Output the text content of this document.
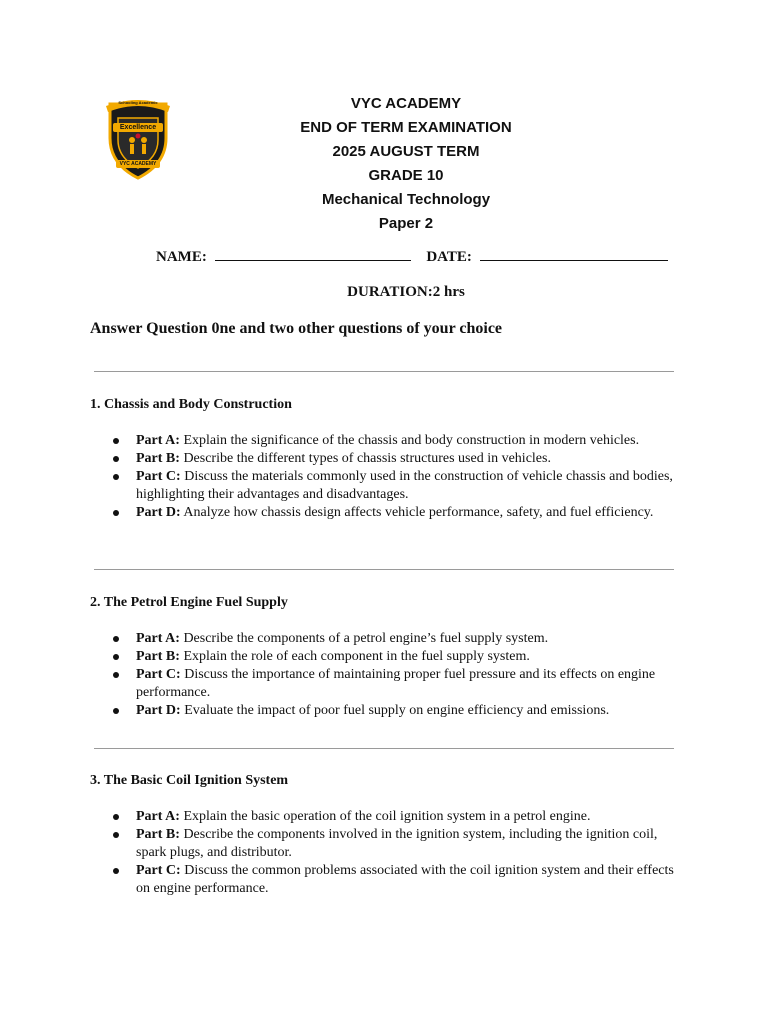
Schooling Academic
Excellence
VYC ACADEMY
VYC ACADEMY
END OF TERM EXAMINATION
2025 AUGUST TERM
GRADE 10
Mechanical Technology
Paper 2
NAME:	DATE:
DURATION:2 hrs
Answer Question 0ne and two other questions of your choice
1. Chassis and Body Construction
Part A: Explain the significance of the chassis and body construction in modern vehicles.
Part B: Describe the different types of chassis structures used in vehicles.
Part C: Discuss the materials commonly used in the construction of vehicle chassis and bodies, highlighting their advantages and disadvantages.
Part D: Analyze how chassis design affects vehicle performance, safety, and fuel efficiency.
2. The Petrol Engine Fuel Supply
Part A: Describe the components of a petrol engine’s fuel supply system.
Part B: Explain the role of each component in the fuel supply system.
Part C: Discuss the importance of maintaining proper fuel pressure and its effects on engine performance.
Part D: Evaluate the impact of poor fuel supply on engine efficiency and emissions.
3. The Basic Coil Ignition System
Part A: Explain the basic operation of the coil ignition system in a petrol engine.
Part B: Describe the components involved in the ignition system, including the ignition coil, spark plugs, and distributor.
Part C: Discuss the common problems associated with the coil ignition system and their effects on engine performance.
